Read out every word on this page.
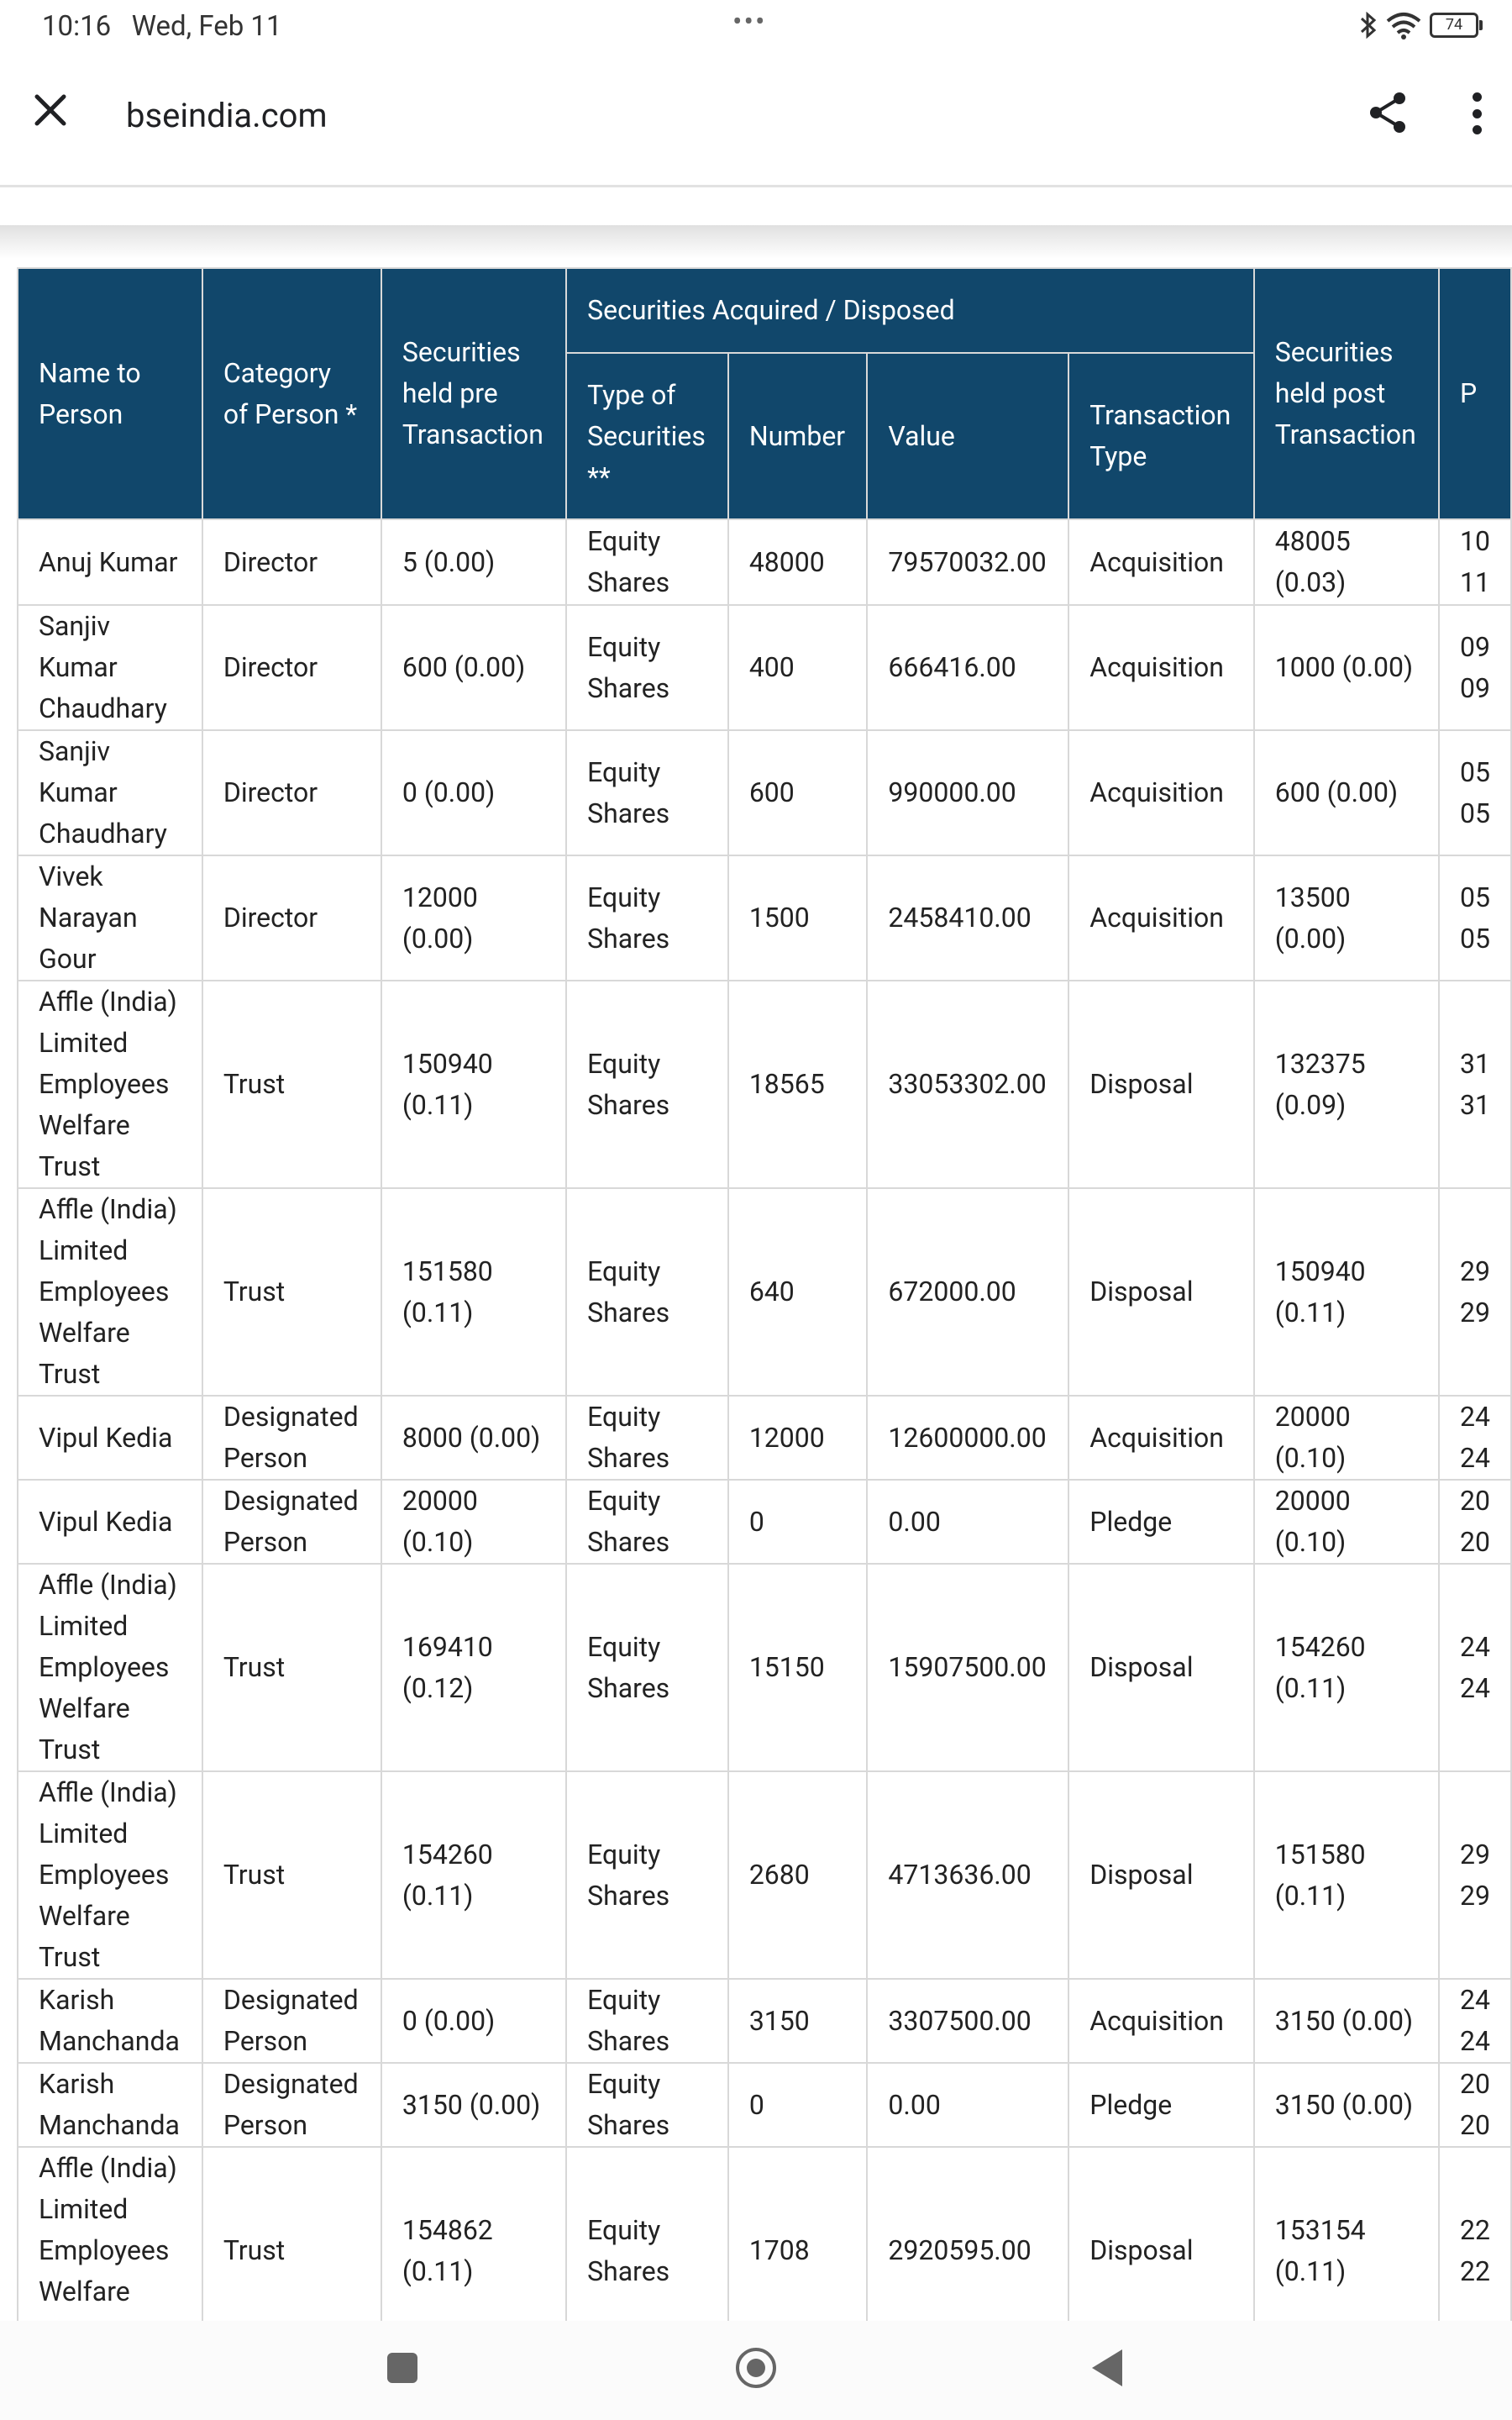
10:16 Wed, Feb 11	•••	74
bseindia.com
Name to Person	Category of Person *	Securities held pre Transaction	Securities Acquired / Disposed				Securities held post Transaction	P
			Type of Securities **	Number	Value	Transaction Type		
Anuj Kumar	Director	5 (0.00)	Equity Shares	48000	79570032.00	Acquisition	48005 (0.03)	10 11
Sanjiv Kumar Chaudhary	Director	600 (0.00)	Equity Shares	400	666416.00	Acquisition	1000 (0.00)	09 09
Sanjiv Kumar Chaudhary	Director	0 (0.00)	Equity Shares	600	990000.00	Acquisition	600 (0.00)	05 05
Vivek Narayan Gour	Director	12000 (0.00)	Equity Shares	1500	2458410.00	Acquisition	13500 (0.00)	05 05
Affle (India) Limited Employees Welfare Trust	Trust	150940 (0.11)	Equity Shares	18565	33053302.00	Disposal	132375 (0.09)	31 31
Affle (India) Limited Employees Welfare Trust	Trust	151580 (0.11)	Equity Shares	640	672000.00	Disposal	150940 (0.11)	29 29
Vipul Kedia	Designated Person	8000 (0.00)	Equity Shares	12000	12600000.00	Acquisition	20000 (0.10)	24 24
Vipul Kedia	Designated Person	20000 (0.10)	Equity Shares	0	0.00	Pledge	20000 (0.10)	20 20
Affle (India) Limited Employees Welfare Trust	Trust	169410 (0.12)	Equity Shares	15150	15907500.00	Disposal	154260 (0.11)	24 24
Affle (India) Limited Employees Welfare Trust	Trust	154260 (0.11)	Equity Shares	2680	4713636.00	Disposal	151580 (0.11)	29 29
Karish Manchanda	Designated Person	0 (0.00)	Equity Shares	3150	3307500.00	Acquisition	3150 (0.00)	24 24
Karish Manchanda	Designated Person	3150 (0.00)	Equity Shares	0	0.00	Pledge	3150 (0.00)	20 20
Affle (India) Limited Employees Welfare	Trust	154862 (0.11)	Equity Shares	1708	2920595.00	Disposal	153154 (0.11)	22 22
